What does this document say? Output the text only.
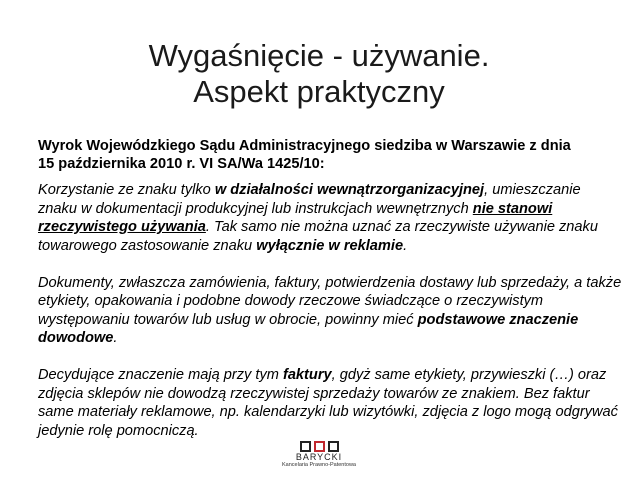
Wygaśnięcie - używanie.
Aspekt praktyczny
Wyrok Wojewódzkiego Sądu Administracyjnego siedziba w Warszawie z dnia
15 października 2010 r. VI SA/Wa 1425/10:

Korzystanie ze znaku tylko w działalności wewnątrzorganizacyjnej, umieszczanie znaku w dokumentacji produkcyjnej lub instrukcjach wewnętrznych nie stanowi rzeczywistego używania. Tak samo nie można uznać za rzeczywiste używanie znaku towarowego zastosowanie znaku wyłącznie w reklamie.

Dokumenty, zwłaszcza zamówienia, faktury, potwierdzenia dostawy lub sprzedaży, a także etykiety, opakowania i podobne dowody rzeczowe świadczące o rzeczywistym występowaniu towarów lub usług w obrocie, powinny mieć podstawowe znaczenie dowodowe.

Decydujące znaczenie mają przy tym faktury, gdyż same etykiety, przywieszki (…) oraz zdjęcia sklepów nie dowodzą rzeczywistej sprzedaży towarów ze znakiem. Bez faktur same materiały reklamowe, np. kalendarzyki lub wizytówki, zdjęcia z logo mogą odgrywać jedynie rolę pomocniczą.

BARYCKI
Kancelaria Prawno-Patentowa
